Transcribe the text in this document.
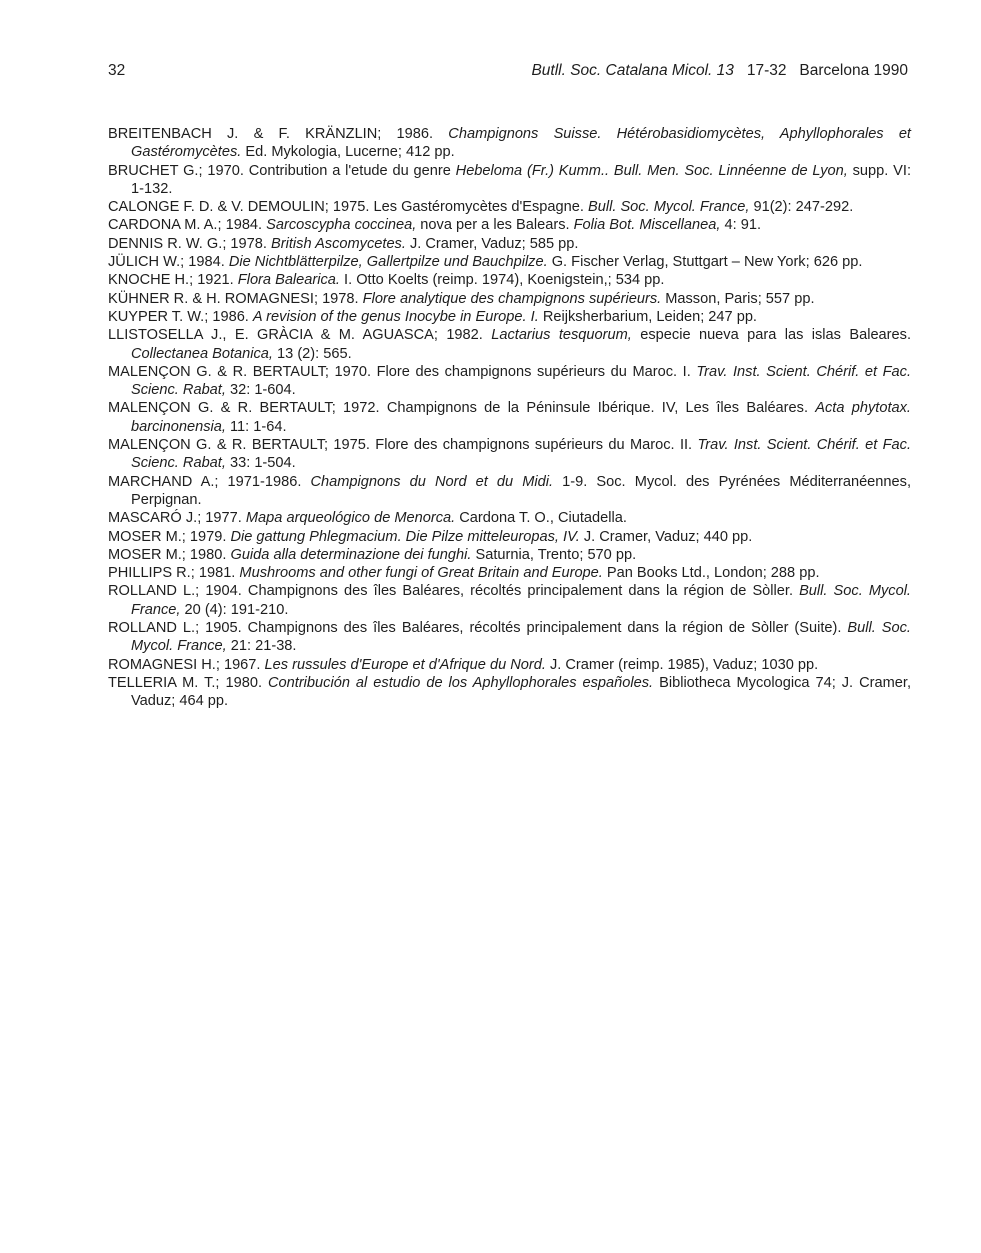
32	Butll. Soc. Catalana Micol. 13 17-32 Barcelona 1990

BREITENBACH J. & F. KRÄNZLIN; 1986. Champignons Suisse. Hétérobasidiomycètes, Aphyllophorales et Gastéromycètes. Ed. Mykologia, Lucerne; 412 pp.

BRUCHET G.; 1970. Contribution a l'etude du genre Hebeloma (Fr.) Kumm.. Bull. Men. Soc. Linnéenne de Lyon, supp. VI: 1-132.

CALONGE F. D. & V. DEMOULIN; 1975. Les Gastéromycètes d'Espagne. Bull. Soc. Mycol. France, 91(2): 247-292.

CARDONA M. A.; 1984. Sarcoscypha coccinea, nova per a les Balears. Folia Bot. Miscellanea, 4: 91.

DENNIS R. W. G.; 1978. British Ascomycetes. J. Cramer, Vaduz; 585 pp.

JÜLICH W.; 1984. Die Nichtblätterpilze, Gallertpilze und Bauchpilze. G. Fischer Verlag, Stuttgart – New York; 626 pp.

KNOCHE H.; 1921. Flora Balearica. I. Otto Koelts (reimp. 1974), Koenigstein,; 534 pp.

KÜHNER R. & H. ROMAGNESI; 1978. Flore analytique des champignons supérieurs. Masson, Paris; 557 pp.

KUYPER T. W.; 1986. A revision of the genus Inocybe in Europe. I. Reijksherbarium, Leiden; 247 pp.

LLISTOSELLA J., E. GRÀCIA & M. AGUASCA; 1982. Lactarius tesquorum, especie nueva para las islas Baleares. Collectanea Botanica, 13 (2): 565.

MALENÇON G. & R. BERTAULT; 1970. Flore des champignons supérieurs du Maroc. I. Trav. Inst. Scient. Chérif. et Fac. Scienc. Rabat, 32: 1-604.

MALENÇON G. & R. BERTAULT; 1972. Champignons de la Péninsule Ibérique. IV, Les îles Baléares. Acta phytotax. barcinonensia, 11: 1-64.

MALENÇON G. & R. BERTAULT; 1975. Flore des champignons supérieurs du Maroc. II. Trav. Inst. Scient. Chérif. et Fac. Scienc. Rabat, 33: 1-504.

MARCHAND A.; 1971-1986. Champignons du Nord et du Midi. 1-9. Soc. Mycol. des Pyrénées Méditerranéennes, Perpignan.

MASCARÓ J.; 1977. Mapa arqueológico de Menorca. Cardona T. O., Ciutadella.

MOSER M.; 1979. Die gattung Phlegmacium. Die Pilze mitteleuropas, IV. J. Cramer, Vaduz; 440 pp.

MOSER M.; 1980. Guida alla determinazione dei funghi. Saturnia, Trento; 570 pp.

PHILLIPS R.; 1981. Mushrooms and other fungi of Great Britain and Europe. Pan Books Ltd., London; 288 pp.

ROLLAND L.; 1904. Champignons des îles Baléares, récoltés principalement dans la région de Sòller. Bull. Soc. Mycol. France, 20 (4): 191-210.

ROLLAND L.; 1905. Champignons des îles Baléares, récoltés principalement dans la région de Sòller (Suite). Bull. Soc. Mycol. France, 21: 21-38.

ROMAGNESI H.; 1967. Les russules d'Europe et d'Afrique du Nord. J. Cramer (reimp. 1985), Vaduz; 1030 pp.

TELLERIA M. T.; 1980. Contribución al estudio de los Aphyllophorales españoles. Bibliotheca Mycologica 74; J. Cramer, Vaduz; 464 pp.
